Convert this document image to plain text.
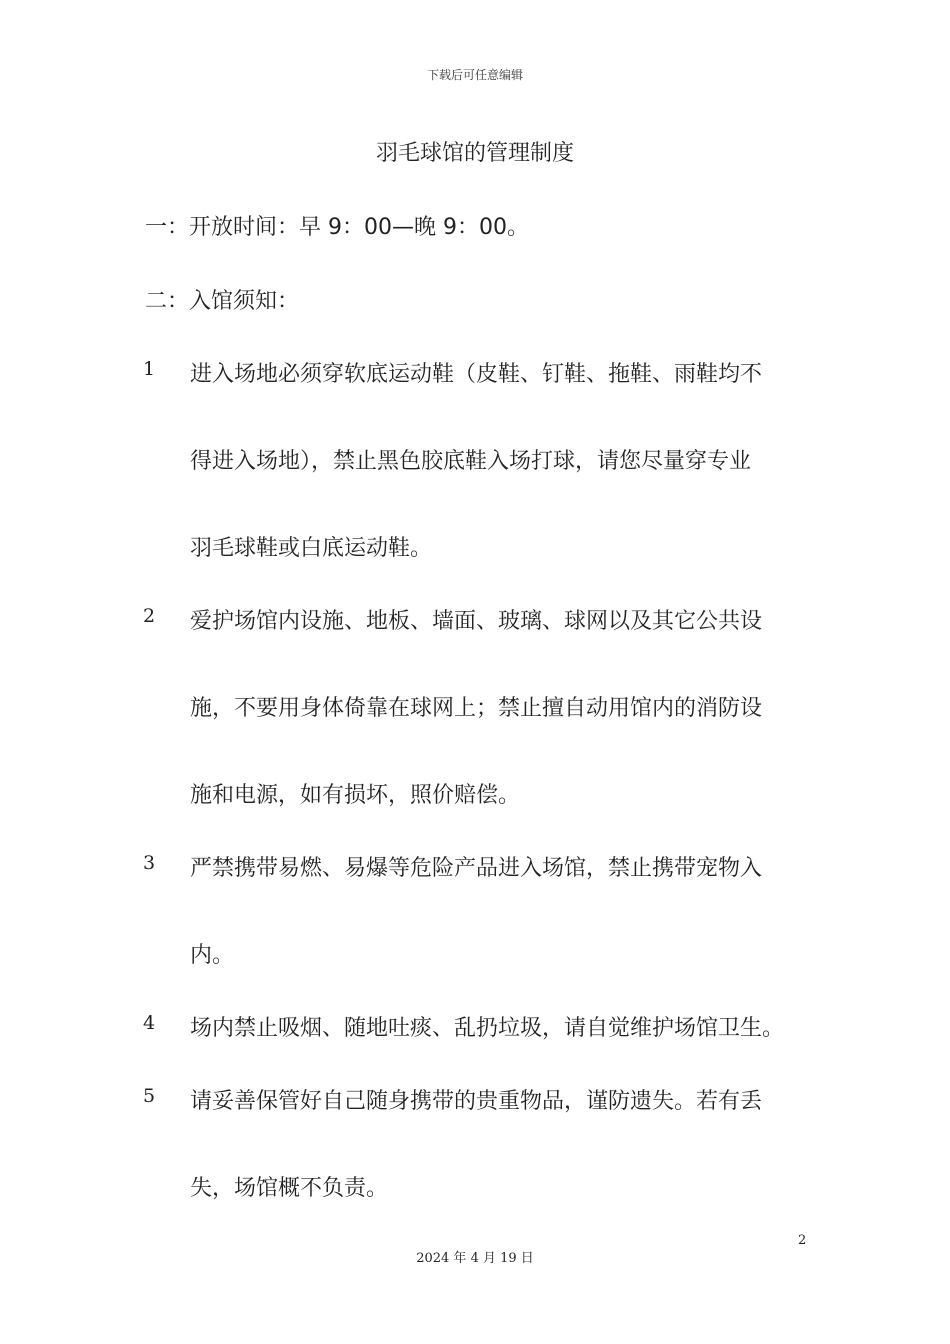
下载后可任意编辑
羽毛球馆的管理制度
一：开放时间：早 9：00—晚 9：00。
二：入馆须知：
1 进入场地必须穿软底运动鞋（皮鞋、钉鞋、拖鞋、雨鞋均不
得进入场地），禁止黑色胶底鞋入场打球，请您尽量穿专业
羽毛球鞋或白底运动鞋。
2 爱护场馆内设施、地板、墙面、玻璃、球网以及其它公共设
施，不要用身体倚靠在球网上；禁止擅自动用馆内的消防设
施和电源，如有损坏，照价赔偿。
3 严禁携带易燃、易爆等危险产品进入场馆，禁止携带宠物入
内。
4 场内禁止吸烟、随地吐痰、乱扔垃圾，请自觉维护场馆卫生。
5 请妥善保管好自己随身携带的贵重物品，谨防遗失。若有丢
失，场馆概不负责。
2
2024 年 4 月 19 日
